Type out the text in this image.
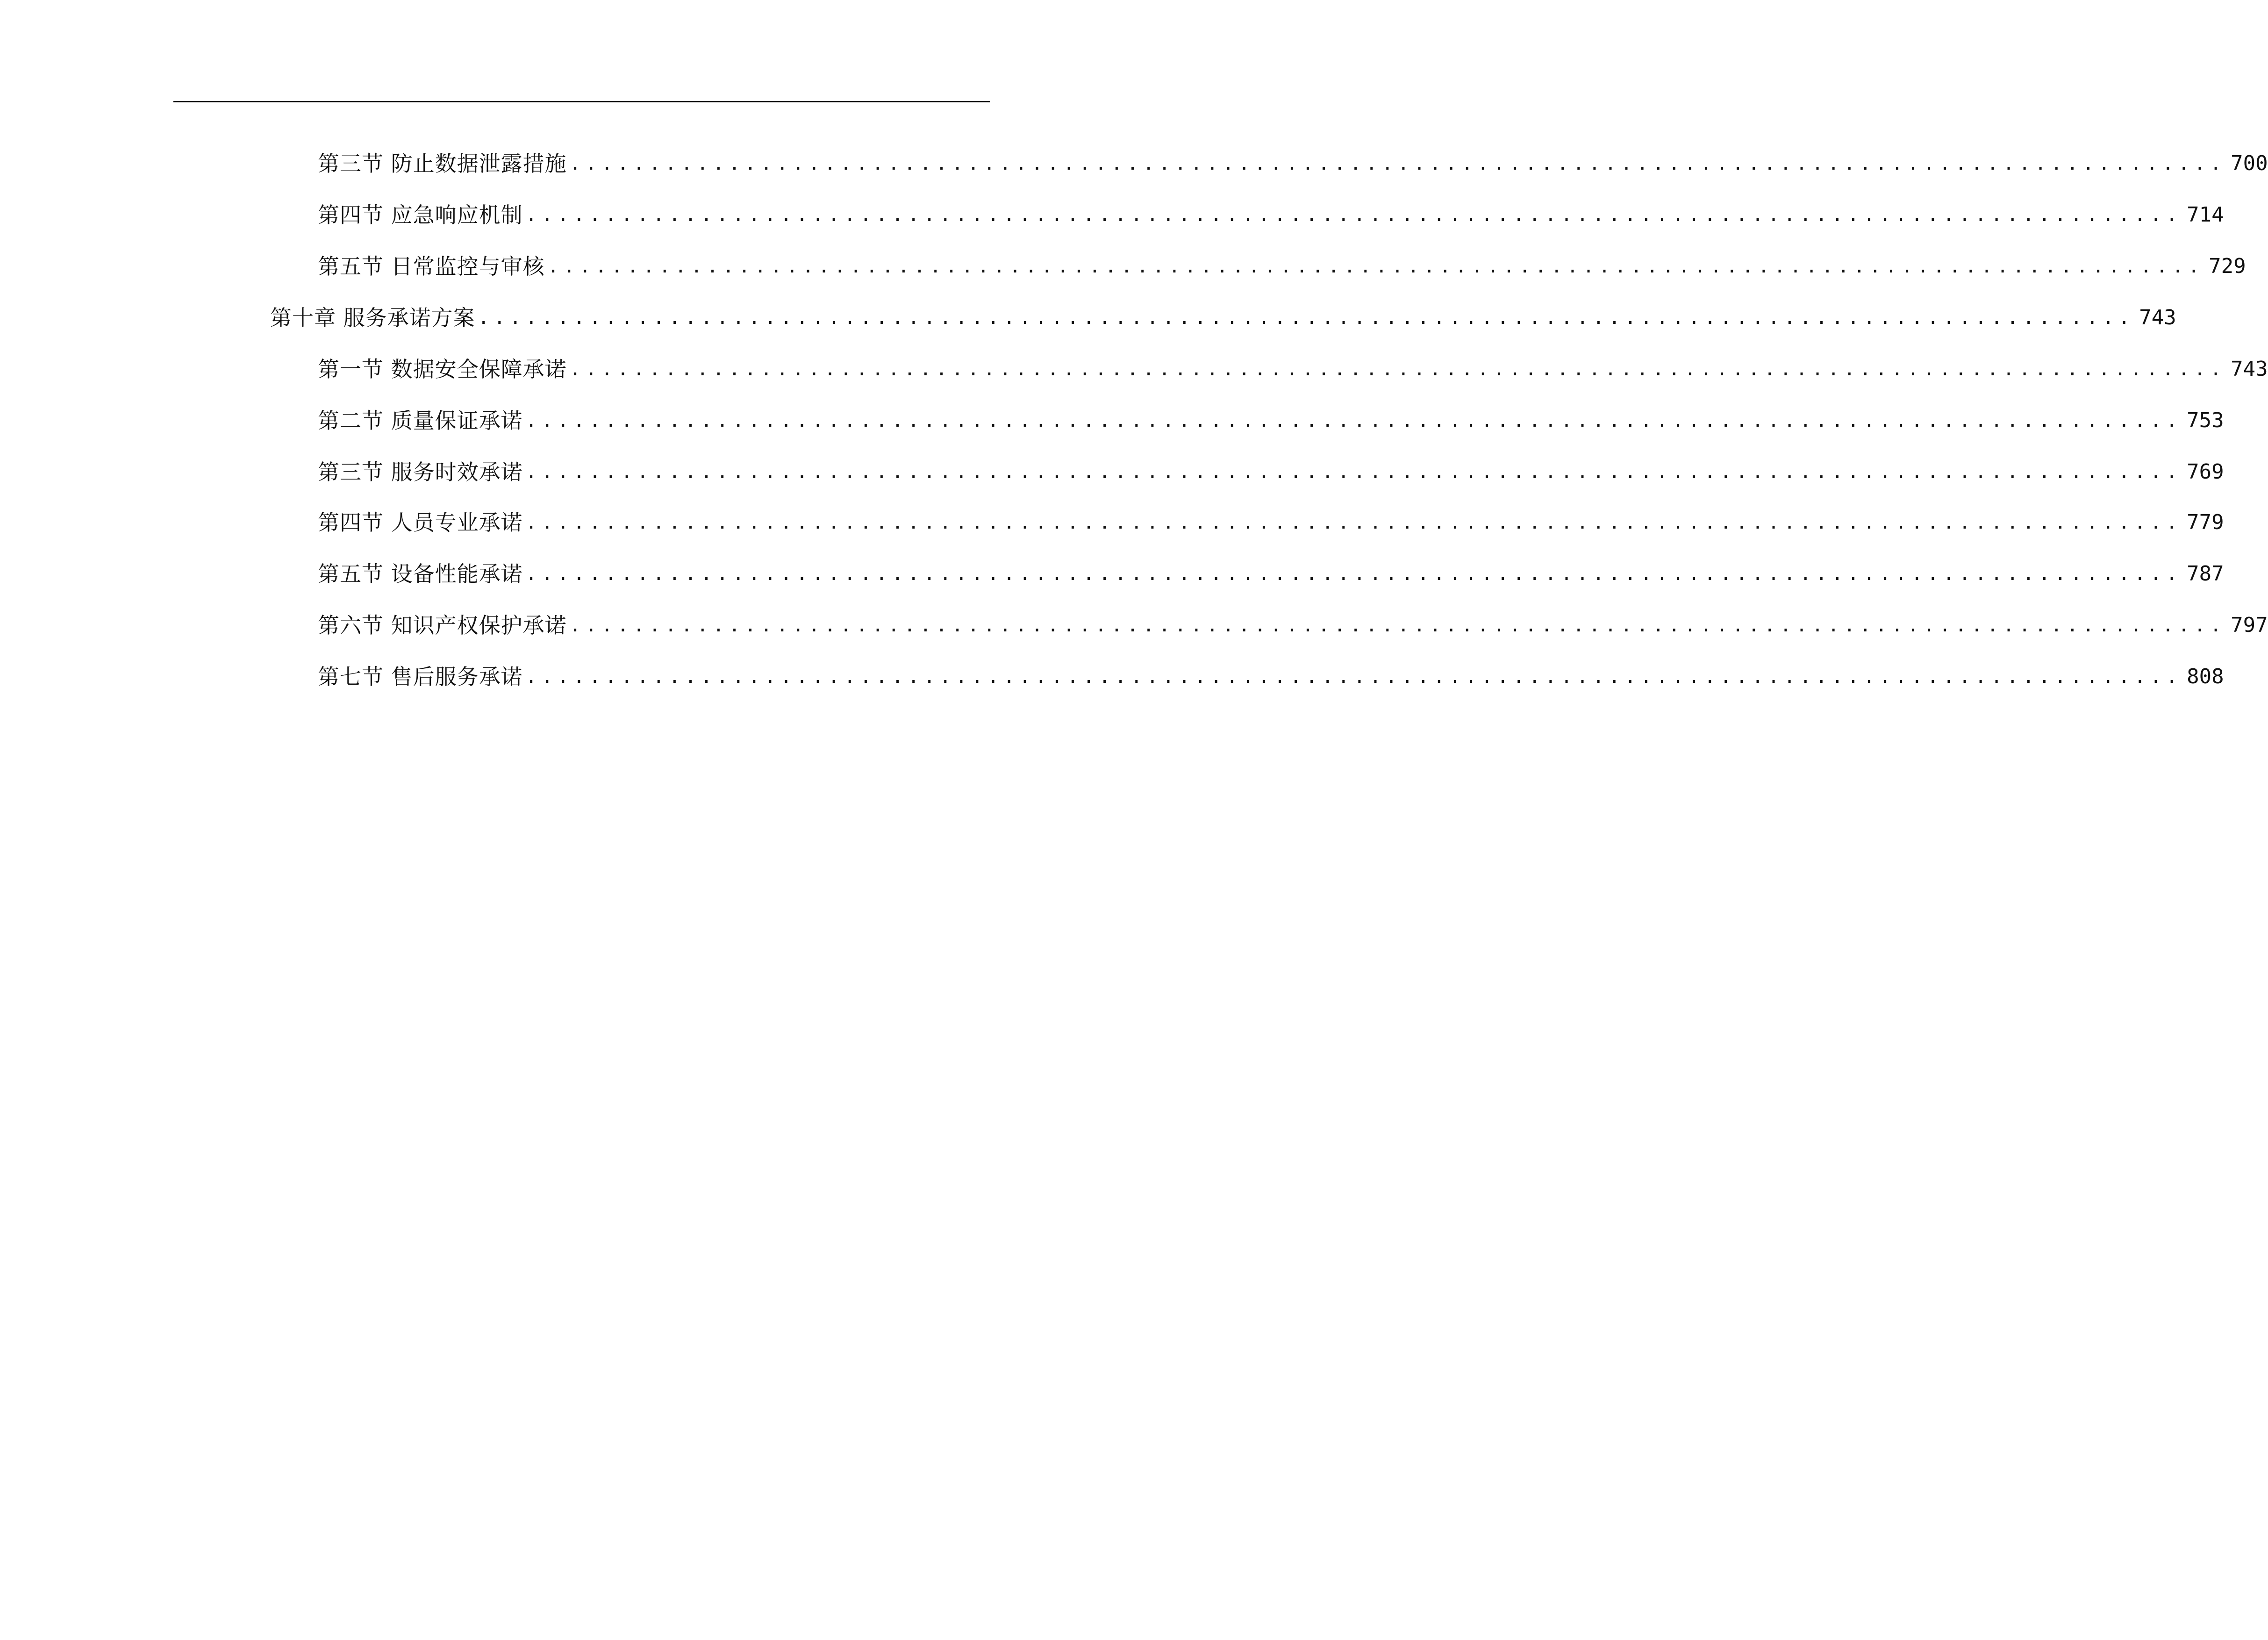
第三节 防止数据泄露措施 ........................................................................................................ 700
第四节 应急响应机制 ........................................................................................................ 714
第五节 日常监控与审核 ........................................................................................................ 729
第十章 服务承诺方案 ........................................................................................................ 743
第一节 数据安全保障承诺 ........................................................................................................ 743
第二节 质量保证承诺 ........................................................................................................ 753
第三节 服务时效承诺 ........................................................................................................ 769
第四节 人员专业承诺 ........................................................................................................ 779
第五节 设备性能承诺 ........................................................................................................ 787
第六节 知识产权保护承诺 ........................................................................................................ 797
第七节 售后服务承诺 ........................................................................................................ 808
